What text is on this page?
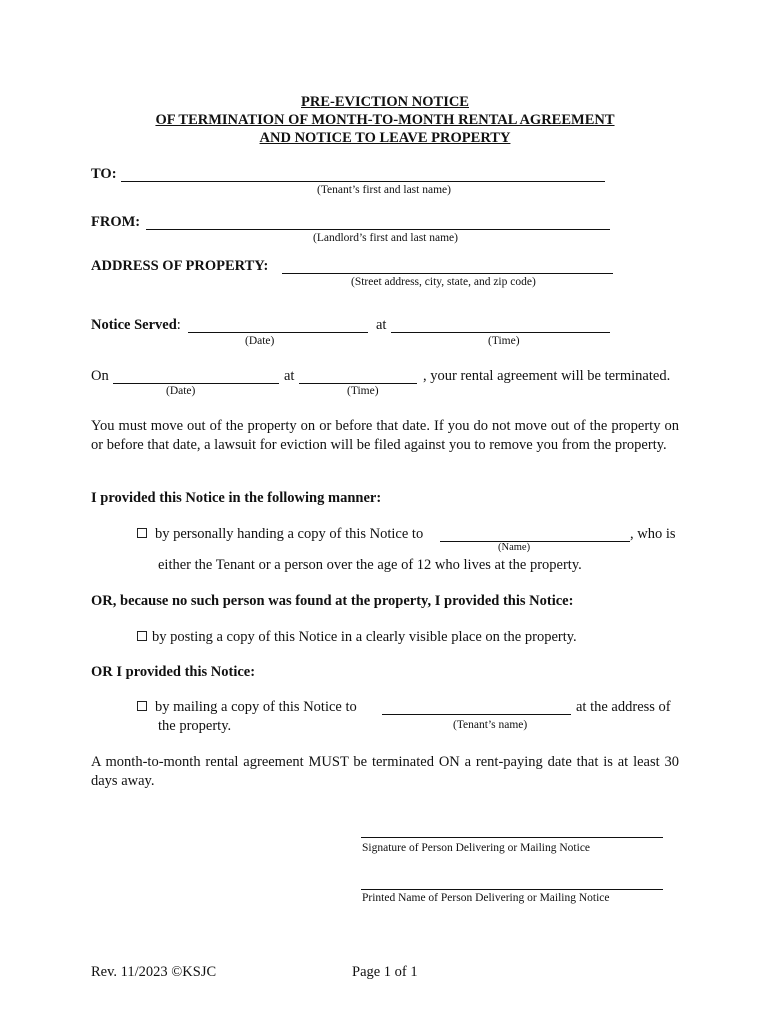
PRE-EVICTION NOTICE
OF TERMINATION OF MONTH-TO-MONTH RENTAL AGREEMENT
AND NOTICE TO LEAVE PROPERTY
TO:
(Tenant’s first and last name)
FROM:
(Landlord’s first and last name)
ADDRESS OF PROPERTY:
(Street address, city, state, and zip code)
Notice Served:	at
(Date)	(Time)
On	at	, your rental agreement will be terminated.
(Date)	(Time)
You must move out of the property on or before that date. If you do not move out of the property on or before that date, a lawsuit for eviction will be filed against you to remove you from the property.
I provided this Notice in the following manner:
by personally handing a copy of this Notice to	, who is
(Name)
either the Tenant or a person over the age of 12 who lives at the property.
OR, because no such person was found at the property, I provided this Notice:
by posting a copy of this Notice in a clearly visible place on the property.
OR I provided this Notice:
by mailing a copy of this Notice to	at the address of
the property.	(Tenant’s name)
A month-to-month rental agreement MUST be terminated ON a rent-paying date that is at least 30 days away.
Signature of Person Delivering or Mailing Notice
Printed Name of Person Delivering or Mailing Notice
Rev. 11/2023 ©KSJC	Page 1 of 1
